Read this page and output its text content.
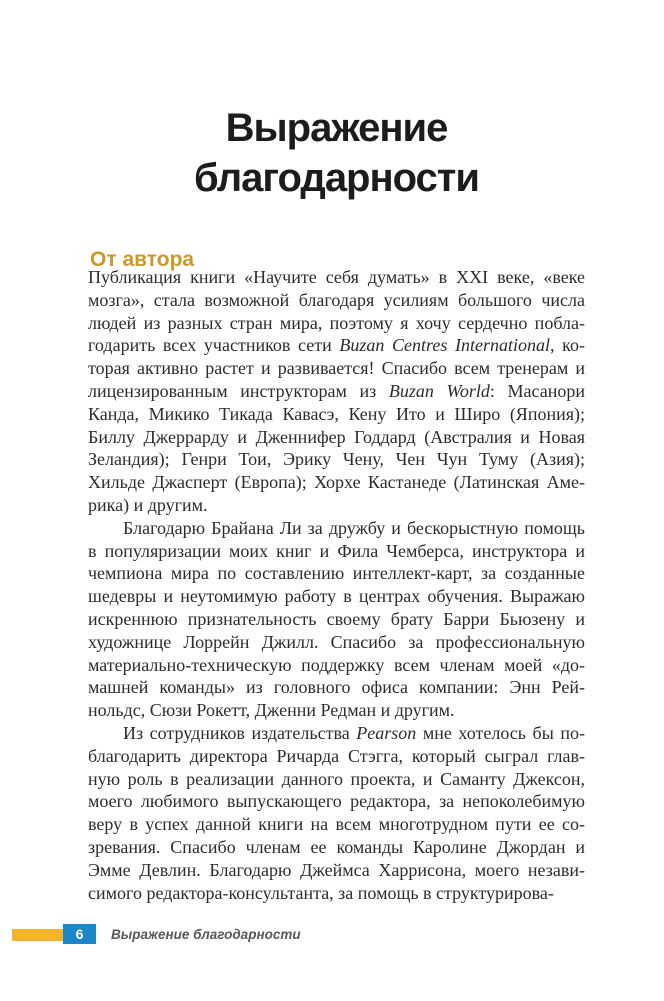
Выражение
благодарности
От автора
Публикация книги «Научите себя думать» в XXI веке, «веке
мозга», стала возможной благодаря усилиям большого числа
людей из разных стран мира, поэтому я хочу сердечно побла-
годарить всех участников сети Buzan Centres International, ко-
торая активно растет и развивается! Спасибо всем тренерам и
лицензированным инструкторам из Buzan World: Масанори
Канда, Микико Тикада Кавасэ, Кену Ито и Широ (Япония);
Биллу Джеррарду и Дженнифер Годдард (Австралия и Новая
Зеландия); Генри Тои, Эрику Чену, Чен Чун Туму (Азия);
Хильде Джасперт (Европа); Хорхе Кастанеде (Латинская Аме-
рика) и другим.
Благодарю Брайана Ли за дружбу и бескорыстную помощь
в популяризации моих книг и Фила Чемберса, инструктора и
чемпиона мира по составлению интеллект-карт, за созданные
шедевры и неутомимую работу в центрах обучения. Выражаю
искреннюю признательность своему брату Барри Бьюзену и
художнице Лоррейн Джилл. Спасибо за профессиональную
материально-техническую поддержку всем членам моей «до-
машней команды» из головного офиса компании: Энн Рей-
нольдс, Сюзи Рокетт, Дженни Редман и другим.
Из сотрудников издательства Pearson мне хотелось бы по-
благодарить директора Ричарда Стэгга, который сыграл глав-
ную роль в реализации данного проекта, и Саманту Джексон,
моего любимого выпускающего редактора, за непоколебимую
веру в успех данной книги на всем многотрудном пути ее со-
зревания. Спасибо членам ее команды Каролине Джордан и
Эмме Девлин. Благодарю Джеймса Харрисона, моего незави-
симого редактора-консультанта, за помощь в структурирова-
6	Выражение благодарности
